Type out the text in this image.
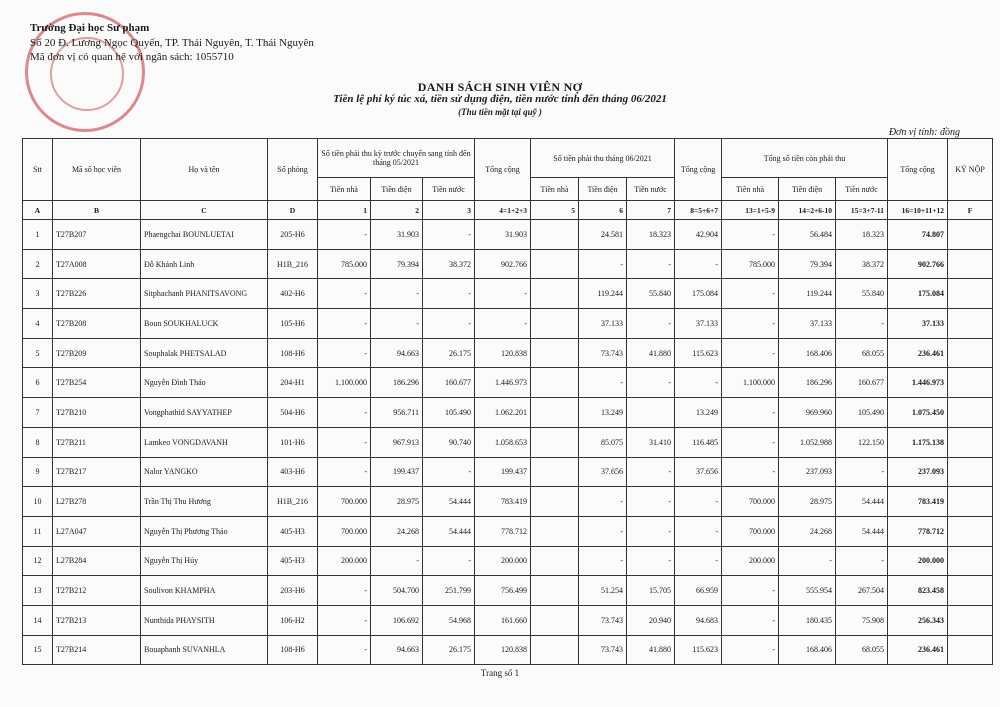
Trường Đại học Sư phạm
Số 20 Đ. Lương Ngọc Quyến, TP. Thái Nguyên, T. Thái Nguyên
Mã đơn vị có quan hệ với ngân sách: 1055710
DANH SÁCH SINH VIÊN NỢ
Tiền lệ phí ký túc xá, tiền sử dụng điện, tiền nước tính đến tháng 06/2021
(Thu tiền mặt tại quỹ )
Đơn vị tính: đồng
Stt	Mã số học viên	Họ và tên	Số phòng	Số tiền phải thu kỳ trước chuyển sang tính đến tháng 05/2021			Tổng cộng	Số tiền phải thu tháng 06/2021			Tổng cộng	Tổng số tiền còn phải thu			Tổng cộng	KÝ NỘP
				Tiền nhà	Tiền điện	Tiền nước		Tiền nhà	Tiền điện	Tiền nước		Tiền nhà	Tiền điện	Tiền nước		
A	B	C	D	1	2	3	4=1+2+3	5	6	7	8=5+6+7	13=1+5-9	14=2+6-10	15=3+7-11	16=10+11+12	F
1	T27B207	Phaengchai BOUNLUETAI	205-H6	-	31.903	-	31.903		24.581	18.323	42.904	-	56.484	18.323	74.807	
2	T27A008	Đỗ Khánh Linh	H1B_216	785.000	79.394	38.372	902.766		-	-	-	785.000	79.394	38.372	902.766	
3	T27B226	Sitphachanh PHANITSAVONG	402-H6	-	-	-	-		119.244	55.840	175.084	-	119.244	55.840	175.084	
4	T27B208	Boun SOUKHALUCK	105-H6	-	-	-	-		37.133	-	37.133	-	37.133	-	37.133	
5	T27B209	Souphalak PHETSALAD	108-H6	-	94.663	26.175	120.838		73.743	41.880	115.623	-	168.406	68.055	236.461	
6	T27B254	Nguyễn Đình Thảo	204-H1	1.100.000	186.296	160.677	1.446.973		-	-	-	1.100.000	186.296	160.677	1.446.973	
7	T27B210	Vongphathid SAYYATHEP	504-H6	-	956.711	105.490	1.062.201		13.249		13.249	-	969.960	105.490	1.075.450	
8	T27B211	Lamkeo VONGDAVANH	101-H6	-	967.913	90.740	1.058.653		85.075	31.410	116.485	-	1.052.988	122.150	1.175.138	
9	T27B217	Nalor YANGKO	403-H6	-	199.437	-	199.437		37.656	-	37.656	-	237.093	-	237.093	
10	L27B278	Trần Thị Thu Hương	H1B_216	700.000	28.975	54.444	783.419		-	-	-	700.000	28.975	54.444	783.419	
11	L27A047	Nguyễn Thị Phương Thảo	405-H3	700.000	24.268	54.444	778.712		-	-	-	700.000	24.268	54.444	778.712	
12	L27B284	Nguyễn Thị Hủy	405-H3	200.000	-	-	200.000		-	-	-	200.000	-	-	200.000	
13	T27B212	Soulivon KHAMPHA	203-H6	-	504.700	251.799	756.499		51.254	15.705	66.959	-	555.954	267.504	823.458	
14	T27B213	Nunthida PHAYSITH	106-H2	-	106.692	54.968	161.660		73.743	20.940	94.683	-	180.435	75.908	256.343	
15	T27B214	Bouaphanh SUVANHLA	108-H6	-	94.663	26.175	120.838		73.743	41.880	115.623	-	168.406	68.055	236.461	
Trang số 1
